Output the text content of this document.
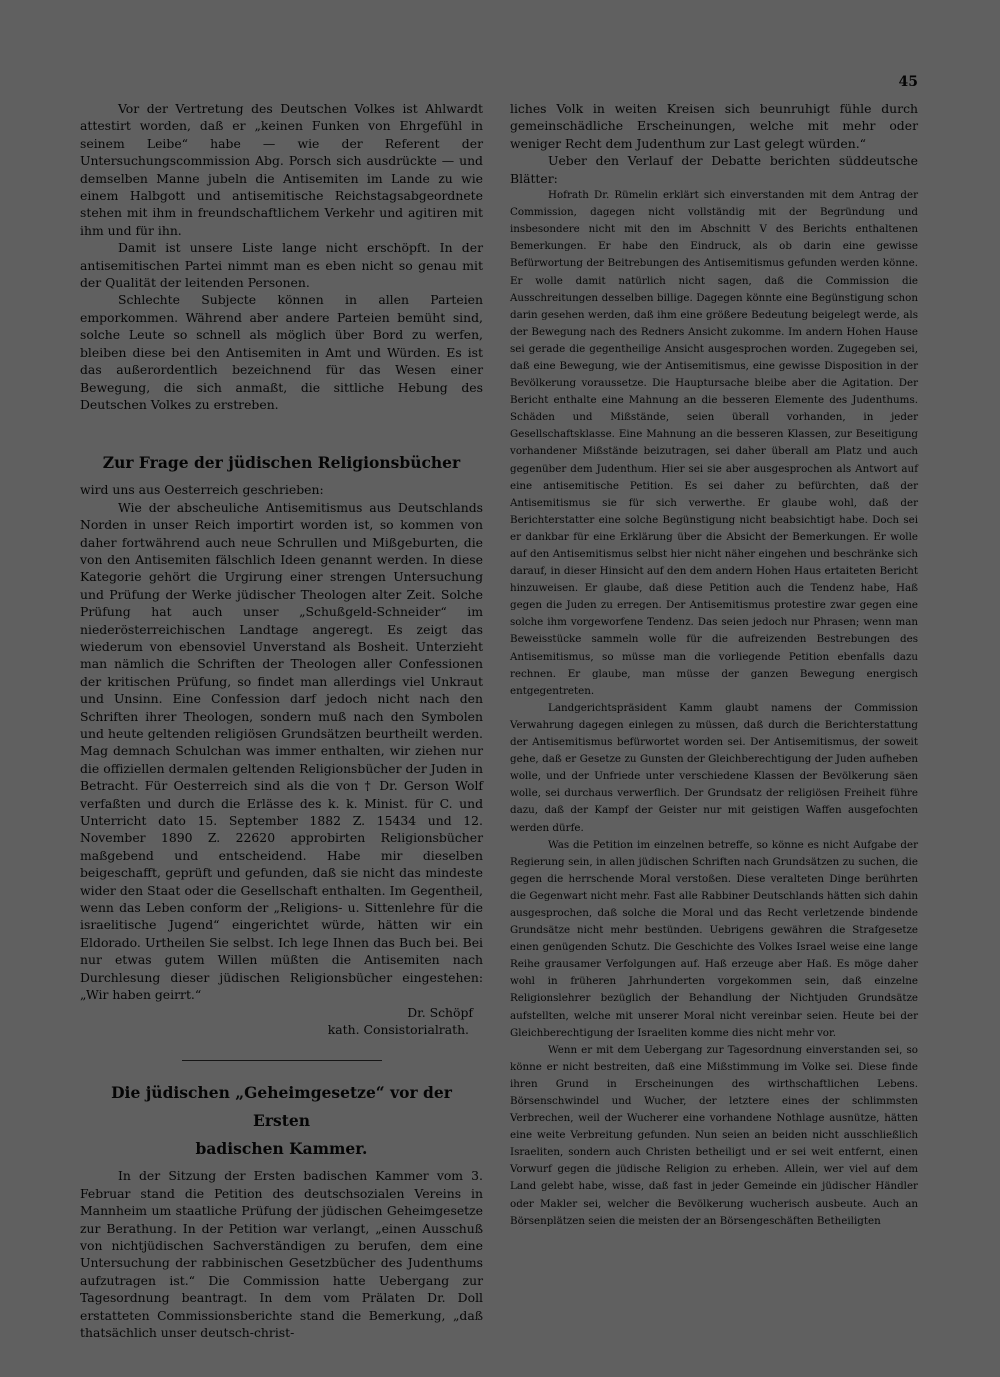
45

Vor der Vertretung des Deutschen Volkes ist Ahlwardt attestirt worden, daß er „keinen Funken von Ehrgefühl in seinem Leibe“ habe — wie der Referent der Untersuchungscommission Abg. Porsch sich ausdrückte — und demselben Manne jubeln die Antisemiten im Lande zu wie einem Halbgott und antisemitische Reichstagsabgeordnete stehen mit ihm in freundschaftlichem Verkehr und agitiren mit ihm und für ihn.

Damit ist unsere Liste lange nicht erschöpft. In der antisemitischen Partei nimmt man es eben nicht so genau mit der Qualität der leitenden Personen.

Schlechte Subjecte können in allen Parteien emporkommen. Während aber andere Parteien bemüht sind, solche Leute so schnell als möglich über Bord zu werfen, bleiben diese bei den Antisemiten in Amt und Würden. Es ist das außerordentlich bezeichnend für das Wesen einer Bewegung, die sich anmaßt, die sittliche Hebung des Deutschen Volkes zu erstreben.

Zur Frage der jüdischen Religionsbücher

wird uns aus Oesterreich geschrieben:

Wie der abscheuliche Antisemitismus aus Deutschlands Norden in unser Reich importirt worden ist, so kommen von daher fortwährend auch neue Schrullen und Mißgeburten, die von den Antisemiten fälschlich Ideen genannt werden. In diese Kategorie gehört die Urgirung einer strengen Untersuchung und Prüfung der Werke jüdischer Theologen alter Zeit. Solche Prüfung hat auch unser „Schußgeld-Schneider“ im niederösterreichischen Landtage angeregt. Es zeigt das wiederum von ebensoviel Unverstand als Bosheit. Unterzieht man nämlich die Schriften der Theologen aller Confessionen der kritischen Prüfung, so findet man allerdings viel Unkraut und Unsinn. Eine Confession darf jedoch nicht nach den Schriften ihrer Theologen, sondern muß nach den Symbolen und heute geltenden religiösen Grundsätzen beurtheilt werden. Mag demnach Schulchan was immer enthalten, wir ziehen nur die offiziellen dermalen geltenden Religionsbücher der Juden in Betracht. Für Oesterreich sind als die von † Dr. Gerson Wolf verfaßten und durch die Erlässe des k. k. Minist. für C. und Unterricht dato 15. September 1882 Z. 15434 und 12. November 1890 Z. 22620 approbirten Religionsbücher maßgebend und entscheidend. Habe mir dieselben beigeschafft, geprüft und gefunden, daß sie nicht das mindeste wider den Staat oder die Gesellschaft enthalten. Im Gegentheil, wenn das Leben conform der „Religions- u. Sittenlehre für die israelitische Jugend“ eingerichtet würde, hätten wir ein Eldorado. Urtheilen Sie selbst. Ich lege Ihnen das Buch bei. Bei nur etwas gutem Willen müßten die Antisemiten nach Durchlesung dieser jüdischen Religionsbücher eingestehen: „Wir haben geirrt.“

Dr. Schöpf

kath. Consistorialrath.

Die jüdischen „Geheimgesetze“ vor der Ersten
badischen Kammer.

In der Sitzung der Ersten badischen Kammer vom 3. Februar stand die Petition des deutschsozialen Vereins in Mannheim um staatliche Prüfung der jüdischen Geheimgesetze zur Berathung. In der Petition war verlangt, „einen Ausschuß von nichtjüdischen Sachverständigen zu berufen, dem eine Untersuchung der rabbinischen Gesetzbücher des Judenthums aufzutragen ist.“ Die Commission hatte Uebergang zur Tagesordnung beantragt. In dem vom Prälaten Dr. Doll erstatteten Commissionsberichte stand die Bemerkung, „daß thatsächlich unser deutsch-christ-

liches Volk in weiten Kreisen sich beunruhigt fühle durch gemeinschädliche Erscheinungen, welche mit mehr oder weniger Recht dem Judenthum zur Last gelegt würden.“

Ueber den Verlauf der Debatte berichten süddeutsche Blätter:

Hofrath Dr. Rümelin erklärt sich einverstanden mit dem Antrag der Commission, dagegen nicht vollständig mit der Begründung und insbesondere nicht mit den im Abschnitt V des Berichts enthaltenen Bemerkungen. Er habe den Eindruck, als ob darin eine gewisse Befürwortung der Beitrebungen des Antisemitismus gefunden werden könne. Er wolle damit natürlich nicht sagen, daß die Commission die Ausschreitungen desselben billige. Dagegen könnte eine Begünstigung schon darin gesehen werden, daß ihm eine größere Bedeutung beigelegt werde, als der Bewegung nach des Redners Ansicht zukomme. Im andern Hohen Hause sei gerade die gegentheilige Ansicht ausgesprochen worden. Zugegeben sei, daß eine Bewegung, wie der Antisemitismus, eine gewisse Disposition in der Bevölkerung voraussetze. Die Hauptursache bleibe aber die Agitation. Der Bericht enthalte eine Mahnung an die besseren Elemente des Judenthums. Schäden und Mißstände, seien überall vorhanden, in jeder Gesellschaftsklasse. Eine Mahnung an die besseren Klassen, zur Beseitigung vorhandener Mißstände beizutragen, sei daher überall am Platz und auch gegenüber dem Judenthum. Hier sei sie aber ausgesprochen als Antwort auf eine antisemitische Petition. Es sei daher zu befürchten, daß der Antisemitismus sie für sich verwerthe. Er glaube wohl, daß der Berichterstatter eine solche Begünstigung nicht beabsichtigt habe. Doch sei er dankbar für eine Erklärung über die Absicht der Bemerkungen. Er wolle auf den Antisemitismus selbst hier nicht näher eingehen und beschränke sich darauf, in dieser Hinsicht auf den dem andern Hohen Haus ertaiteten Bericht hinzuweisen. Er glaube, daß diese Petition auch die Tendenz habe, Haß gegen die Juden zu erregen. Der Antisemitismus protestire zwar gegen eine solche ihm vorgeworfene Tendenz. Das seien jedoch nur Phrasen; wenn man Beweisstücke sammeln wolle für die aufreizenden Bestrebungen des Antisemitismus, so müsse man die vorliegende Petition ebenfalls dazu rechnen. Er glaube, man müsse der ganzen Bewegung energisch entgegentreten.

Landgerichtspräsident Kamm glaubt namens der Commission Verwahrung dagegen einlegen zu müssen, daß durch die Berichterstattung der Antisemitismus befürwortet worden sei. Der Antisemitismus, der soweit gehe, daß er Gesetze zu Gunsten der Gleichberechtigung der Juden aufheben wolle, und der Unfriede unter verschiedene Klassen der Bevölkerung säen wolle, sei durchaus verwerflich. Der Grundsatz der religiösen Freiheit führe dazu, daß der Kampf der Geister nur mit geistigen Waffen ausgefochten werden dürfe.

Was die Petition im einzelnen betreffe, so könne es nicht Aufgabe der Regierung sein, in allen jüdischen Schriften nach Grundsätzen zu suchen, die gegen die herrschende Moral verstoßen. Diese veralteten Dinge berührten die Gegenwart nicht mehr. Fast alle Rabbiner Deutschlands hätten sich dahin ausgesprochen, daß solche die Moral und das Recht verletzende bindende Grundsätze nicht mehr bestünden. Uebrigens gewähren die Strafgesetze einen genügenden Schutz. Die Geschichte des Volkes Israel weise eine lange Reihe grausamer Verfolgungen auf. Haß erzeuge aber Haß. Es möge daher wohl in früheren Jahrhunderten vorgekommen sein, daß einzelne Religionslehrer bezüglich der Behandlung der Nichtjuden Grundsätze aufstellten, welche mit unserer Moral nicht vereinbar seien. Heute bei der Gleichberechtigung der Israeliten komme dies nicht mehr vor.

Wenn er mit dem Uebergang zur Tagesordnung einverstanden sei, so könne er nicht bestreiten, daß eine Mißstimmung im Volke sei. Diese finde ihren Grund in Erscheinungen des wirthschaftlichen Lebens. Börsenschwindel und Wucher, der letztere eines der schlimmsten Verbrechen, weil der Wucherer eine vorhandene Nothlage ausnütze, hätten eine weite Verbreitung gefunden. Nun seien an beiden nicht ausschließlich Israeliten, sondern auch Christen betheiligt und er sei weit entfernt, einen Vorwurf gegen die jüdische Religion zu erheben. Allein, wer viel auf dem Land gelebt habe, wisse, daß fast in jeder Gemeinde ein jüdischer Händler oder Makler sei, welcher die Bevölkerung wucherisch ausbeute. Auch an Börsenplätzen seien die meisten der an Börsengeschäften Betheiligten
